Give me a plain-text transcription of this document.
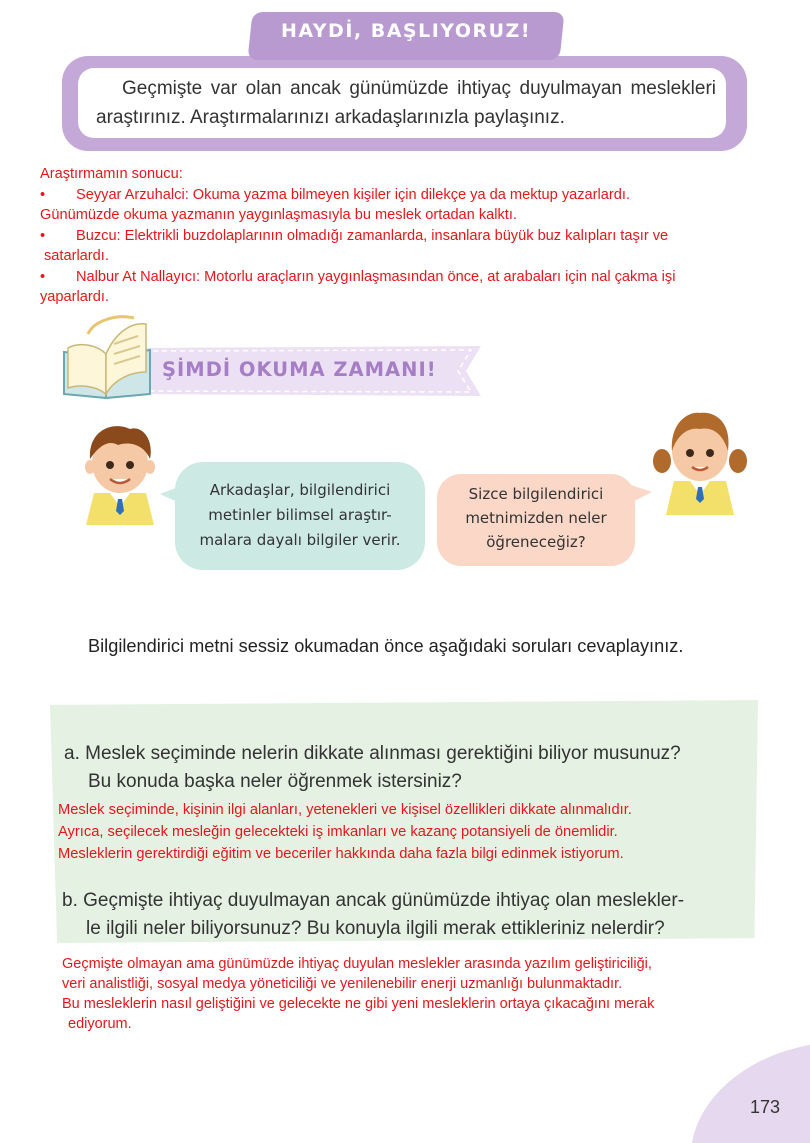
Geçmişte var olan ancak günümüzde ihtiyaç duyulmayan meslekleri araştırınız. Araştırmalarınızı arkadaşlarınızla paylaşınız.
HAYDİ, BAŞLIYORUZ!
Araştırmamın sonucu:
•	Seyyar Arzuhalci: Okuma yazma bilmeyen kişiler için dilekçe ya da mektup yazarlardı.
Günümüzde okuma yazmanın yaygınlaşmasıyla bu meslek ortadan kalktı.
•	Buzcu: Elektrikli buzdolaplarının olmadığı zamanlarda, insanlara büyük buz kalıpları taşır ve
satarlardı.
•	Nalbur At Nallayıcı: Motorlu araçların yaygınlaşmasından önce, at arabaları için nal çakma işi
yaparlardı.
ŞİMDİ OKUMA ZAMANI!
Arkadaşlar, bilgilendirici
metinler bilimsel araştır-
malara dayalı bilgiler verir.
Sizce bilgilendirici
metnimizden neler
öğreneceğiz?
Bilgilendirici metni sessiz okumadan önce aşağıdaki soruları cevaplayınız.
a. Meslek seçiminde nelerin dikkate alınması gerektiğini biliyor musunuz?
Bu konuda başka neler öğrenmek istersiniz?
Meslek seçiminde, kişinin ilgi alanları, yetenekleri ve kişisel özellikleri dikkate alınmalıdır.
Ayrıca, seçilecek mesleğin gelecekteki iş imkanları ve kazanç potansiyeli de önemlidir.
Mesleklerin gerektirdiği eğitim ve beceriler hakkında daha fazla bilgi edinmek istiyorum.
b. Geçmişte ihtiyaç duyulmayan ancak günümüzde ihtiyaç olan meslekler-
le ilgili neler biliyorsunuz? Bu konuyla ilgili merak ettikleriniz nelerdir?
Geçmişte olmayan ama günümüzde ihtiyaç duyulan meslekler arasında yazılım geliştiriciliği,
veri analistliği, sosyal medya yöneticiliği ve yenilenebilir enerji uzmanlığı bulunmaktadır.
Bu mesleklerin nasıl geliştiğini ve gelecekte ne gibi yeni mesleklerin ortaya çıkacağını merak
ediyorum.
173
